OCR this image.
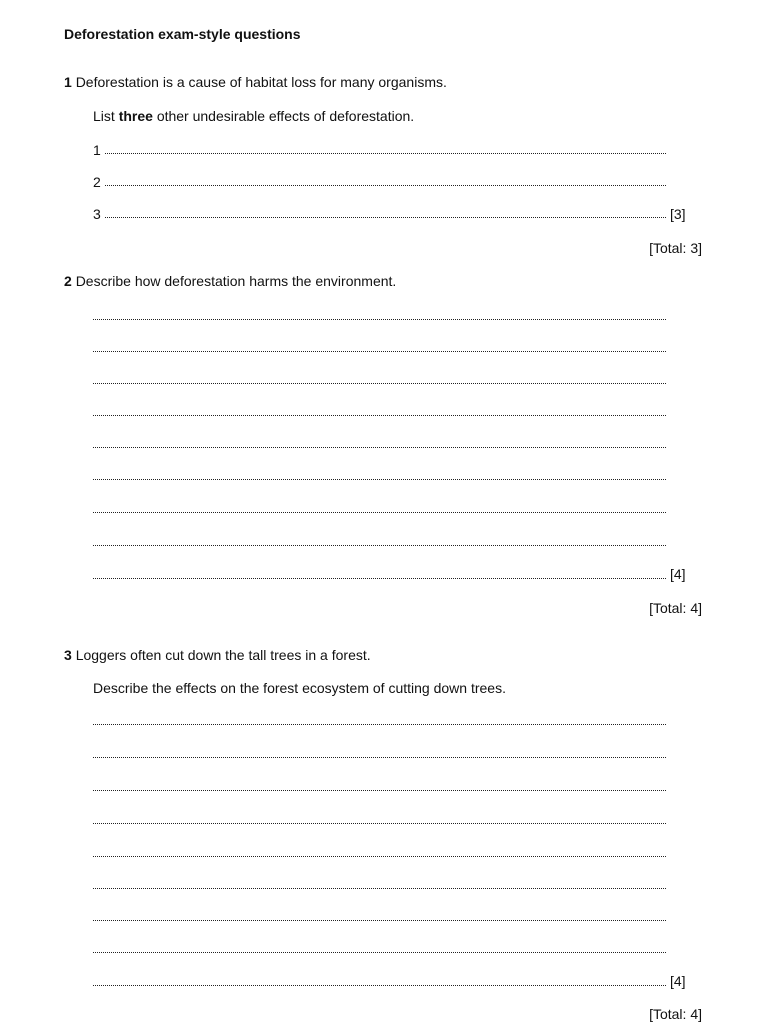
Deforestation exam-style questions
1 Deforestation is a cause of habitat loss for many organisms.
List three other undesirable effects of deforestation.
1
2
3	[3]
[Total: 3]
2 Describe how deforestation harms the environment.
[4]
[Total: 4]
3 Loggers often cut down the tall trees in a forest.
Describe the effects on the forest ecosystem of cutting down trees.
[4]
[Total: 4]
